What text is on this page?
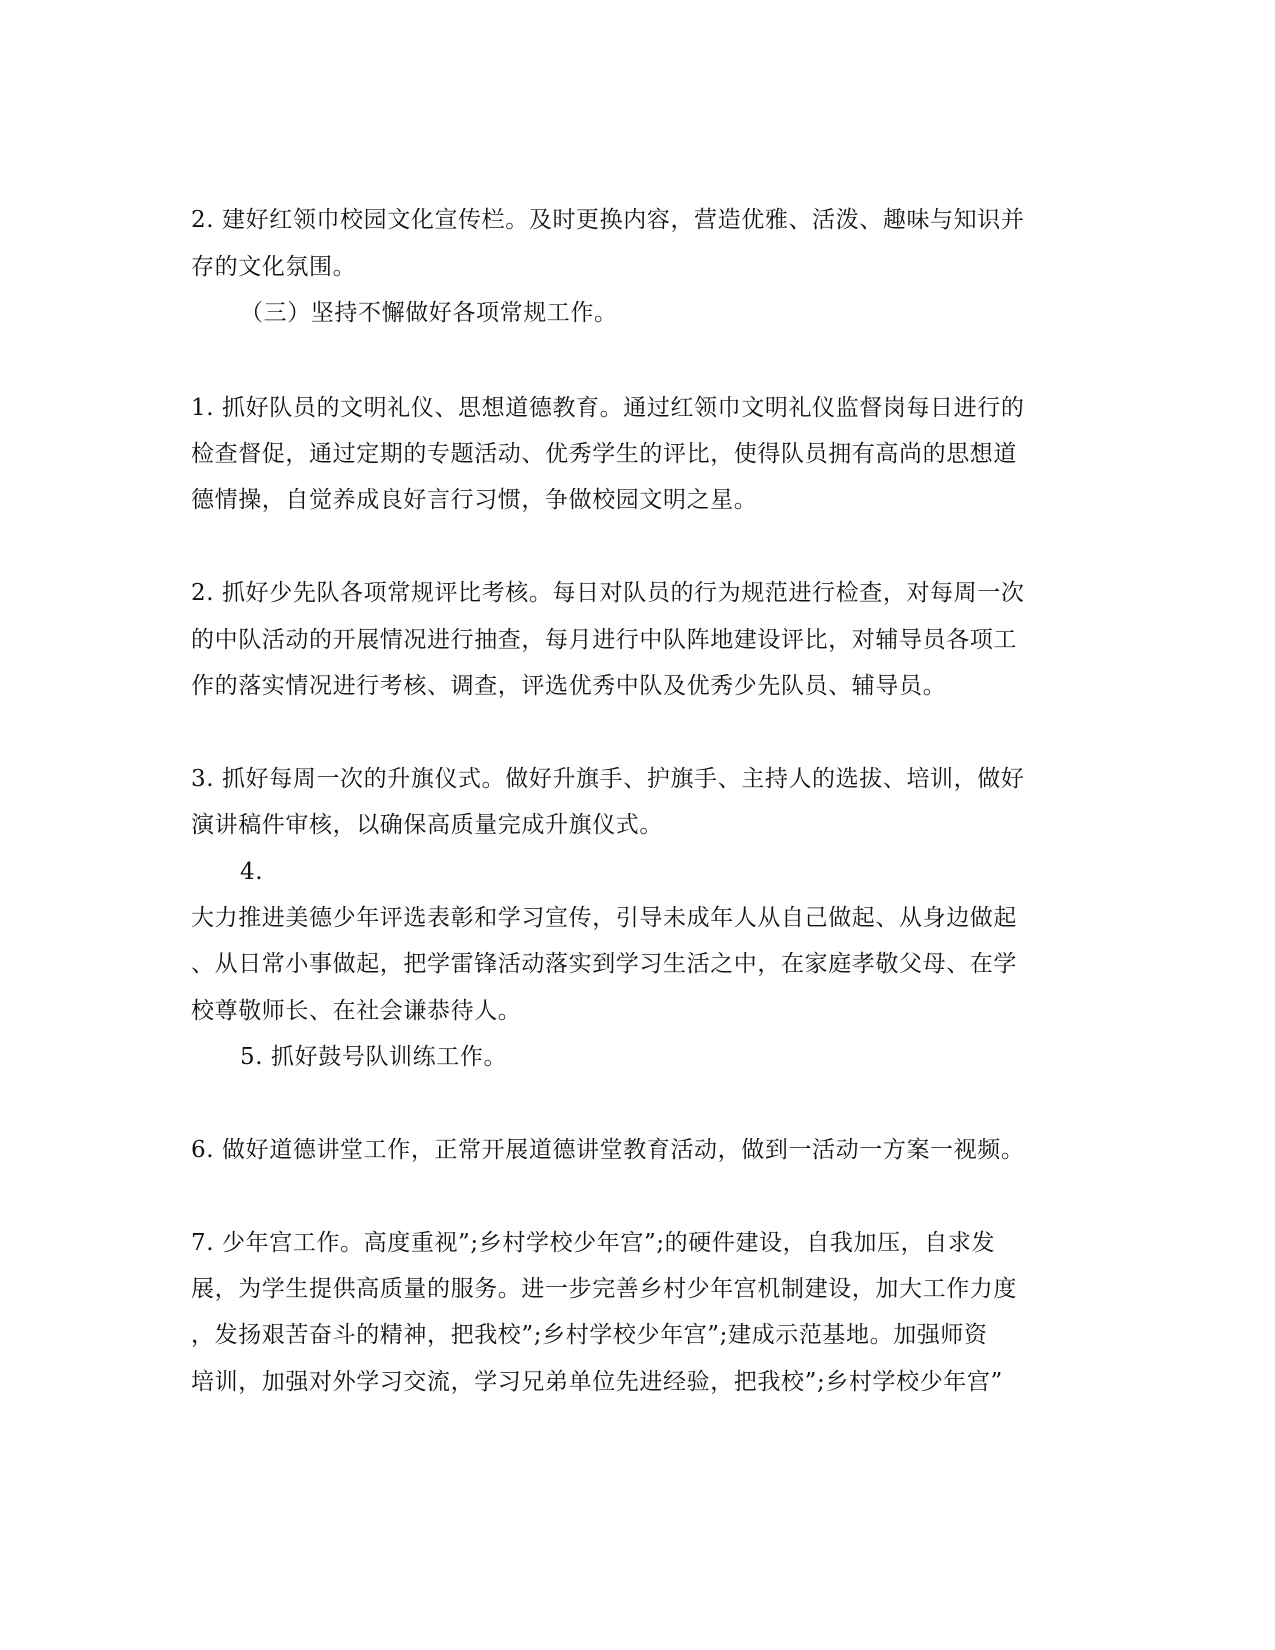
2. 建好红领巾校园文化宣传栏。及时更换内容，营造优雅、活泼、趣味与知识并
存的文化氛围。
（三）坚持不懈做好各项常规工作。
1. 抓好队员的文明礼仪、思想道德教育。通过红领巾文明礼仪监督岗每日进行的
检查督促，通过定期的专题活动、优秀学生的评比，使得队员拥有高尚的思想道
德情操，自觉养成良好言行习惯，争做校园文明之星。
2. 抓好少先队各项常规评比考核。每日对队员的行为规范进行检查，对每周一次
的中队活动的开展情况进行抽查，每月进行中队阵地建设评比，对辅导员各项工
作的落实情况进行考核、调查，评选优秀中队及优秀少先队员、辅导员。
3. 抓好每周一次的升旗仪式。做好升旗手、护旗手、主持人的选拔、培训，做好
演讲稿件审核，以确保高质量完成升旗仪式。
4.
大力推进美德少年评选表彰和学习宣传，引导未成年人从自己做起、从身边做起
、从日常小事做起，把学雷锋活动落实到学习生活之中，在家庭孝敬父母、在学
校尊敬师长、在社会谦恭待人。
5. 抓好鼓号队训练工作。
6. 做好道德讲堂工作，正常开展道德讲堂教育活动，做到一活动一方案一视频。
7. 少年宫工作。高度重视”;乡村学校少年宫”;的硬件建设，自我加压，自求发
展，为学生提供高质量的服务。进一步完善乡村少年宫机制建设，加大工作力度
，发扬艰苦奋斗的精神，把我校”;乡村学校少年宫”;建成示范基地。加强师资
培训，加强对外学习交流，学习兄弟单位先进经验，把我校”;乡村学校少年宫”
